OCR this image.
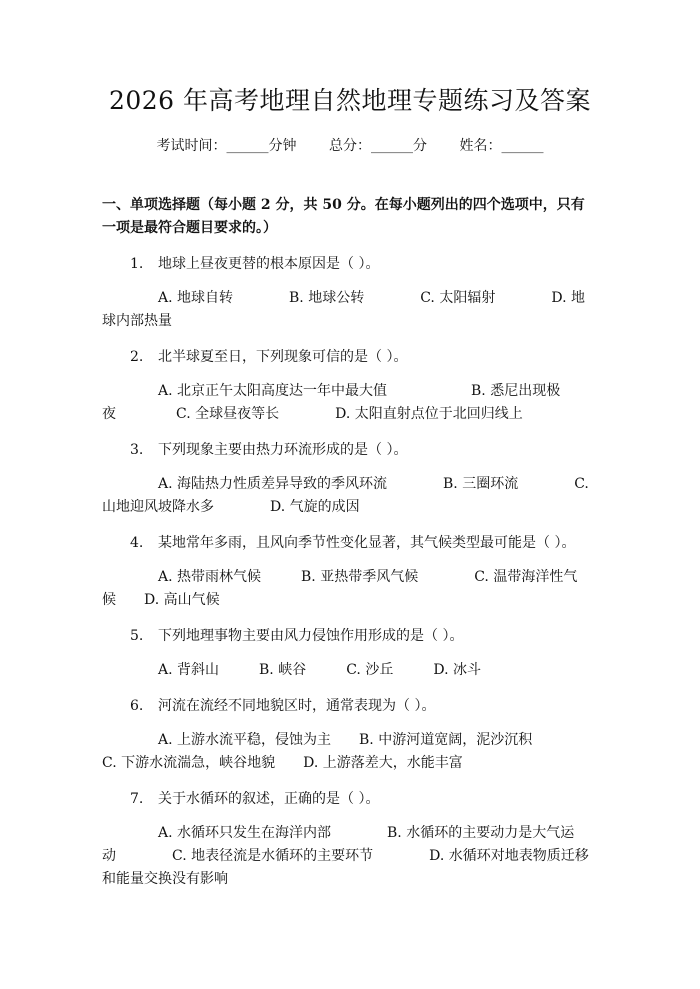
2026 年高考地理自然地理专题练习及答案
考试时间：______分钟 总分：______分 姓名：______
一、单项选择题（每小题 2 分，共 50 分。在每小题列出的四个选项中，只有一项是最符合题目要求的。）
1. 地球上昼夜更替的根本原因是（ ）。
A. 地球自转	B. 地球公转	C. 太阳辐射	D. 地球内部热量
2. 北半球夏至日，下列现象可信的是（ ）。
A. 北京正午太阳高度达一年中最大值	B. 悉尼出现极夜	C. 全球昼夜等长	D. 太阳直射点位于北回归线上
3. 下列现象主要由热力环流形成的是（ ）。
A. 海陆热力性质差异导致的季风环流	B. 三圈环流	C. 山地迎风坡降水多	D. 气旋的成因
4. 某地常年多雨，且风向季节性变化显著，其气候类型最可能是（ ）。
A. 热带雨林气候	B. 亚热带季风气候	C. 温带海洋性气候 D. 高山气候
5. 下列地理事物主要由风力侵蚀作用形成的是（ ）。
A. 背斜山	B. 峡谷	C. 沙丘	D. 冰斗
6. 河流在流经不同地貌区时，通常表现为（ ）。
A. 上游水流平稳，侵蚀为主 B. 中游河道宽阔，泥沙沉积C. 下游水流湍急，峡谷地貌 D. 上游落差大，水能丰富
7. 关于水循环的叙述，正确的是（ ）。
A. 水循环只发生在海洋内部	B. 水循环的主要动力是大气运动	C. 地表径流是水循环的主要环节	D. 水循环对地表物质迁移和能量交换没有影响
